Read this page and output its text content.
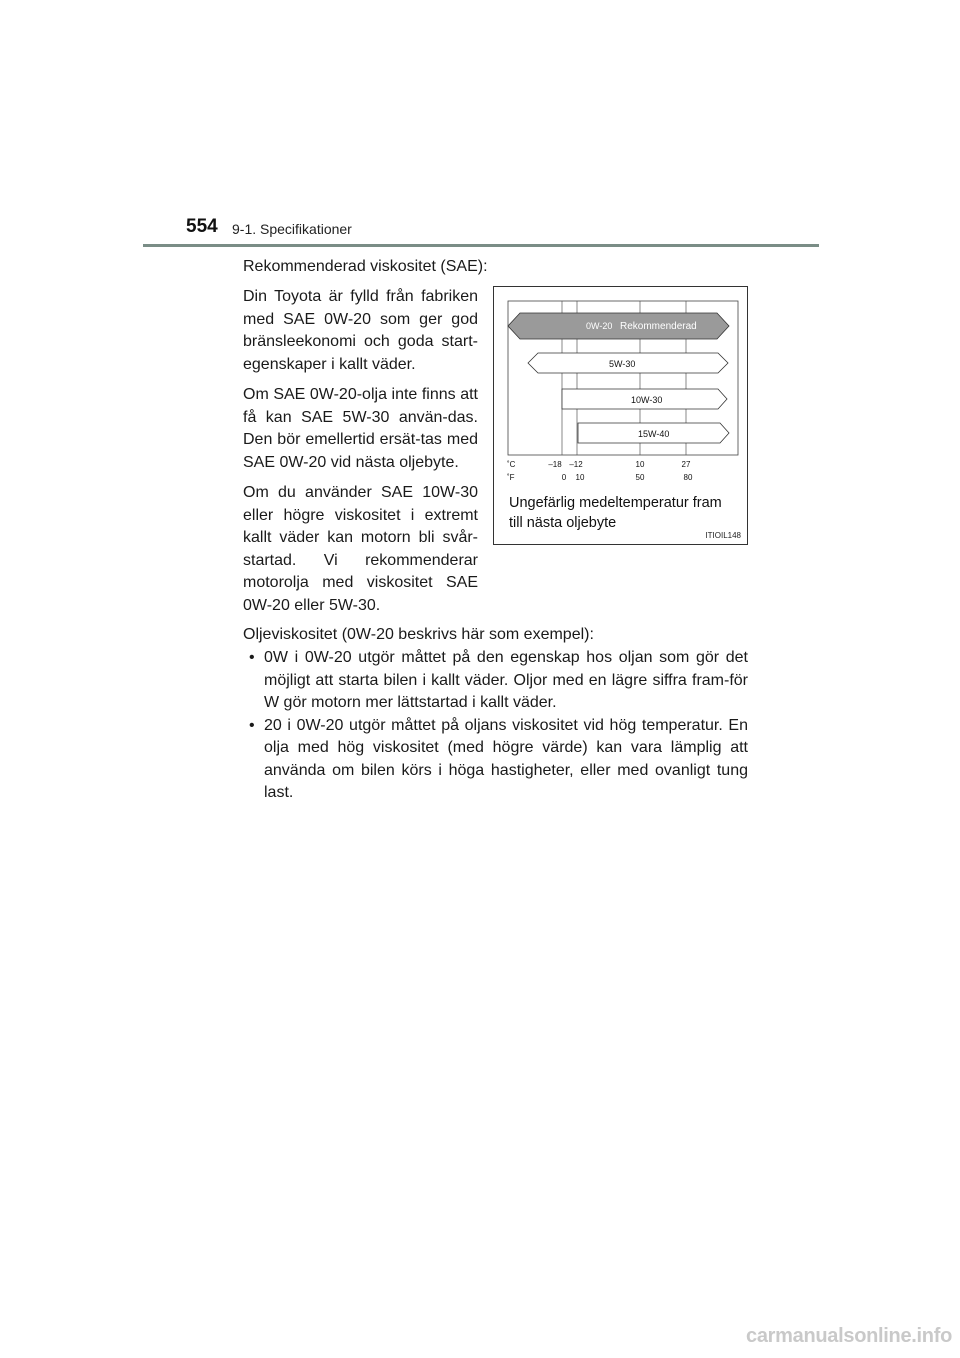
554 9-1. Specifikationer

Rekommenderad viskositet (SAE):

Din Toyota är fylld från fabriken med SAE 0W-20 som ger god bränsleekonomi och goda start-egenskaper i kallt väder.

Om SAE 0W-20-olja inte finns att få kan SAE 5W-30 använ-das. Den bör emellertid ersät-tas med SAE 0W-20 vid nästa oljebyte.

Om du använder SAE 10W-30 eller högre viskositet i extremt kallt väder kan motorn bli svår-startad. Vi rekommenderar motorolja med viskositet SAE 0W-20 eller 5W-30.

0W-20 Rekommenderad
5W-30
10W-30
15W-40
˚C	–18 –12	10	27
˚F	0 10	50	80
Ungefärlig medeltemperatur fram till nästa oljebyte
ITIOIL148

Oljeviskositet (0W-20 beskrivs här som exempel):

• 0W i 0W-20 utgör måttet på den egenskap hos oljan som gör det möjligt att starta bilen i kallt väder. Oljor med en lägre siffra fram-för W gör motorn mer lättstartad i kallt väder.
• 20 i 0W-20 utgör måttet på oljans viskositet vid hög temperatur. En olja med hög viskositet (med högre värde) kan vara lämplig att använda om bilen körs i höga hastigheter, eller med ovanligt tung last.
carmanualsonline.info
